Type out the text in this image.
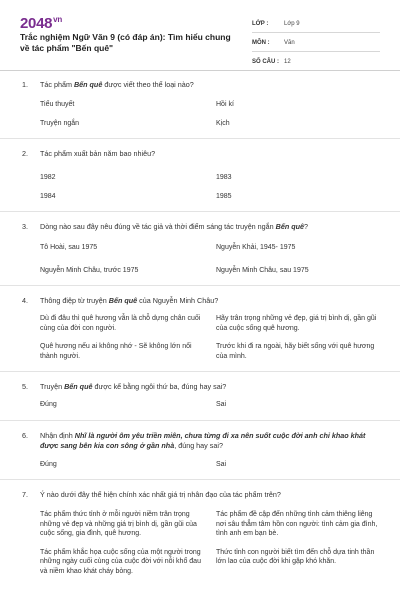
$2048^{vn}$
Trắc nghiệm Ngữ Văn 9 (có đáp án): Tìm hiểu chung về tác phẩm "Bến quê"
LỚP :	Lớp 9
MÔN :	Văn
SỐ CÂU : 12
1.	Tác phẩm Bến quê được viết theo thể loại nào?
Tiểu thuyết	Hồi kí
Truyện ngắn	Kịch
2.	Tác phẩm xuất bản năm bao nhiêu?
1982	1983
1984	1985
3.	Dòng nào sau đây nêu đúng về tác giả và thời điểm sáng tác truyện ngắn Bến quê?
Tô Hoài, sau 1975	Nguyễn Khải, 1945- 1975
Nguyễn Minh Châu, trước 1975	Nguyễn Minh Châu, sau 1975
4.	Thông điệp từ truyện Bến quê của Nguyễn Minh Châu?
Dù đi đâu thì quê hương vẫn là chỗ dựng chân cuối cùng của đời con người.
Hãy trân trọng những vẻ đẹp, giá trị bình dị, gần gũi của cuộc sống quê hương.
Quê hương nếu ai không nhớ - Sẽ không lớn nổi thành người.
Trước khi đi ra ngoài, hãy biết sống với quê hương của mình.
5.	Truyện Bến quê được kể bằng ngôi thứ ba, đúng hay sai?
Đúng	Sai
6.	Nhận định Nhĩ là người ôm yêu triền miên, chưa từng đi xa nên suốt cuộc đời anh chỉ khao khát được sang bên kia con sông ở gần nhà, đúng hay sai?
Đúng	Sai
7.	Ý nào dưới đây thể hiện chính xác nhất giá trị nhân đạo của tác phẩm trên?
Tác phẩm thức tỉnh ở mỗi người niềm trân trọng những vẻ đẹp và những giá trị bình dị, gần gũi của cuộc sống, gia đình, quê hương.
Tác phẩm đề cập đến những tình cảm thiêng liêng nơi sâu thẳm tâm hồn con người: tình cảm gia đình, tình anh em bạn bè.
Tác phẩm khắc họa cuộc sống của một người trong những ngày cuối cùng của cuộc đời với nỗi khổ đau và niềm khao khát cháy bỏng.
Thức tỉnh con người biết tìm đến chỗ dựa tinh thần lớn lao của cuộc đời khi gặp khó khăn.
